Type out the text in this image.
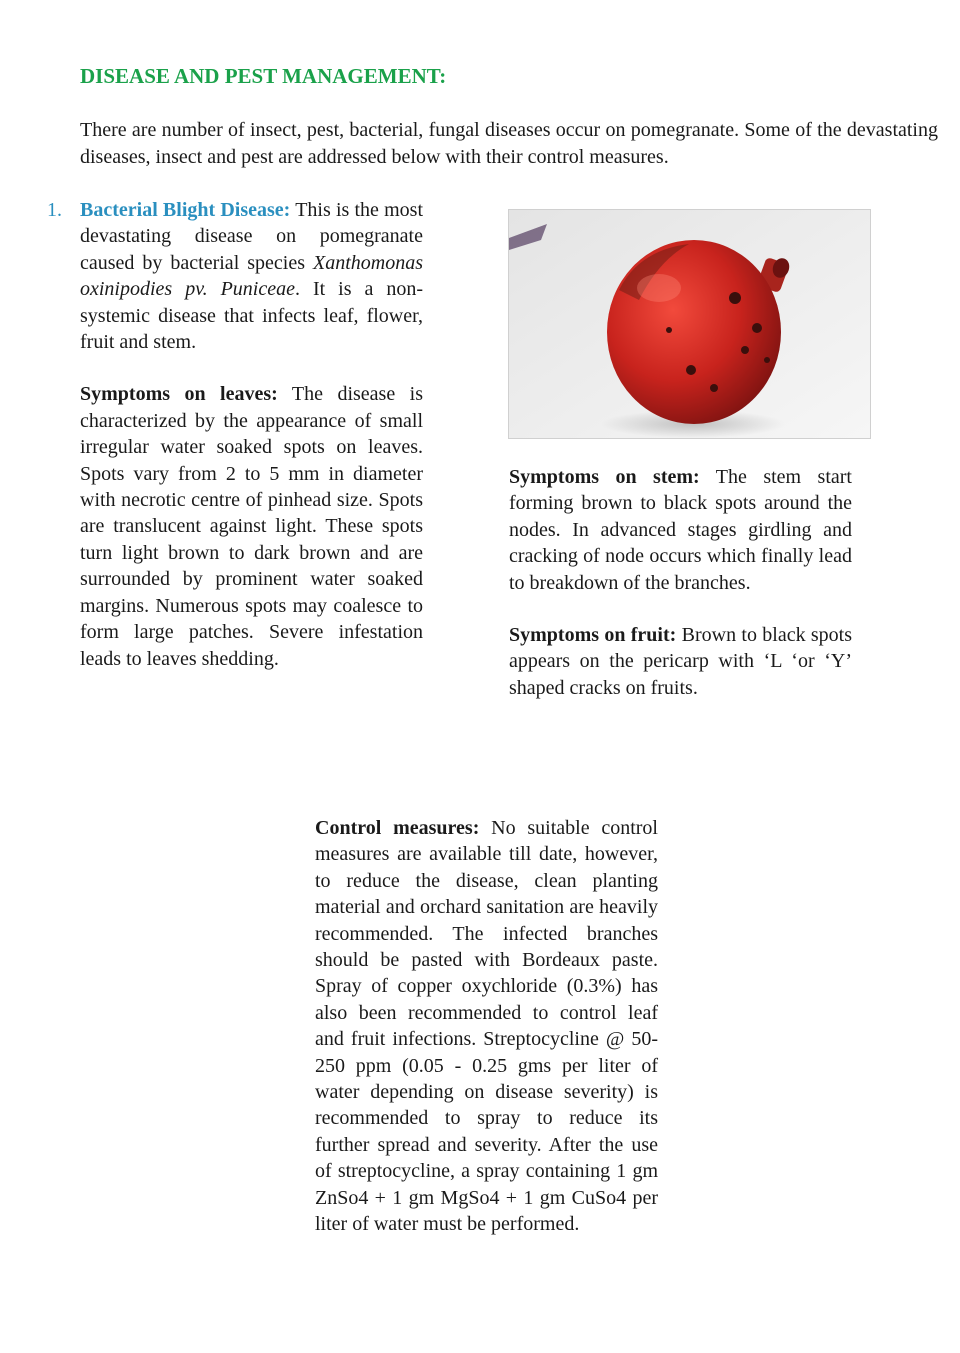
DISEASE AND PEST MANAGEMENT:

There are number of insect, pest, bacterial, fungal diseases occur on pomegranate. Some of the devastating diseases, insect and pest are addressed below with their control measures.

1. Bacterial Blight Disease: This is the most devastating disease on pomegranate caused by bacterial species Xanthomonas oxinipodies pv. Puniceae. It is a non-systemic disease that infects leaf, flower, fruit and stem.

Symptoms on leaves: The disease is characterized by the appearance of small irregular water soaked spots on leaves. Spots vary from 2 to 5 mm in diameter with necrotic centre of pinhead size. Spots are translucent against light. These spots turn light brown to dark brown and are surrounded by prominent water soaked margins. Numerous spots may coalesce to form large patches. Severe infestation leads to leaves shedding.

Symptoms on stem: The stem start forming brown to black spots around the nodes. In advanced stages girdling and cracking of node occurs which finally lead to breakdown of the branches.

Symptoms on fruit: Brown to black spots appears on the pericarp with ‘L ‘or ‘Y’ shaped cracks on fruits.

Control measures: No suitable control measures are available till date, however, to reduce the disease, clean planting material and orchard sanitation are heavily recommended. The infected branches should be pasted with Bordeaux paste. Spray of copper oxychloride (0.3%) has also been recommended to control leaf and fruit infections. Streptocycline @ 50-250 ppm (0.05 - 0.25 gms per liter of water depending on disease severity) is recommended to spray to reduce its further spread and severity. After the use of streptocycline, a spray containing 1 gm ZnSo4 + 1 gm MgSo4 + 1 gm CuSo4 per liter of water must be performed.
